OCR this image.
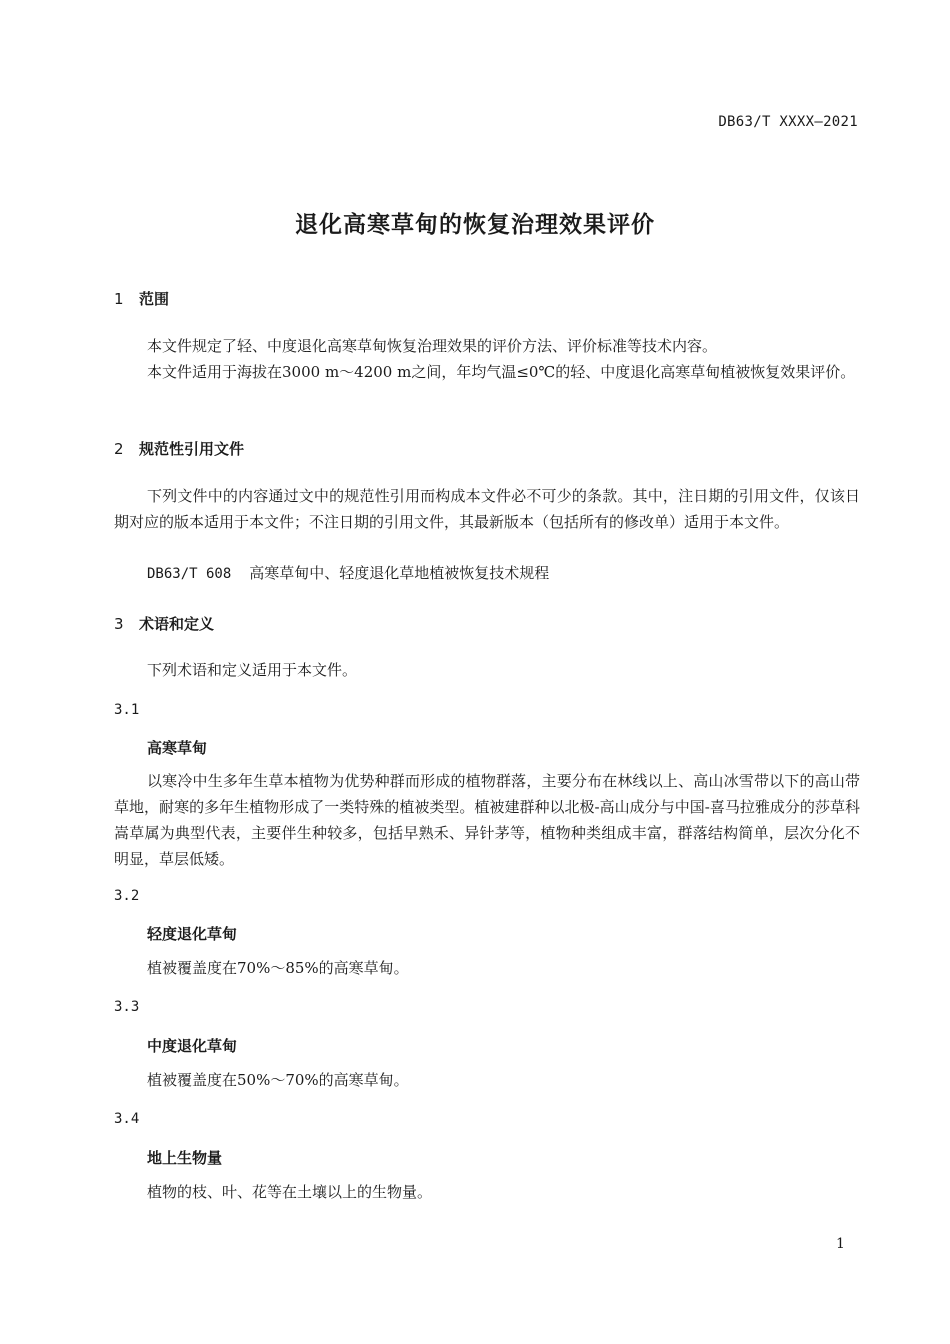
DB63/T XXXX—2021
退化高寒草甸的恢复治理效果评价
1 范围

本文件规定了轻、中度退化高寒草甸恢复治理效果的评价方法、评价标准等技术内容。

本文件适用于海拔在3000 m～4200 m之间，年均气温≤0℃的轻、中度退化高寒草甸植被恢复效果评价。

2 规范性引用文件

下列文件中的内容通过文中的规范性引用而构成本文件必不可少的条款。其中，注日期的引用文件，仅该日期对应的版本适用于本文件；不注日期的引用文件，其最新版本（包括所有的修改单）适用于本文件。

DB63/T 608 高寒草甸中、轻度退化草地植被恢复技术规程
3 术语和定义

下列术语和定义适用于本文件。

3.1
高寒草甸

以寒冷中生多年生草本植物为优势种群而形成的植物群落，主要分布在林线以上、高山冰雪带以下的高山带草地，耐寒的多年生植物形成了一类特殊的植被类型。植被建群种以北极-高山成分与中国-喜马拉雅成分的莎草科嵩草属为典型代表，主要伴生种较多，包括早熟禾、异针茅等，植物种类组成丰富，群落结构简单，层次分化不明显，草层低矮。

3.2
轻度退化草甸

植被覆盖度在70%～85%的高寒草甸。

3.3
中度退化草甸

植被覆盖度在50%～70%的高寒草甸。

3.4
地上生物量

植物的枝、叶、花等在土壤以上的生物量。

1
